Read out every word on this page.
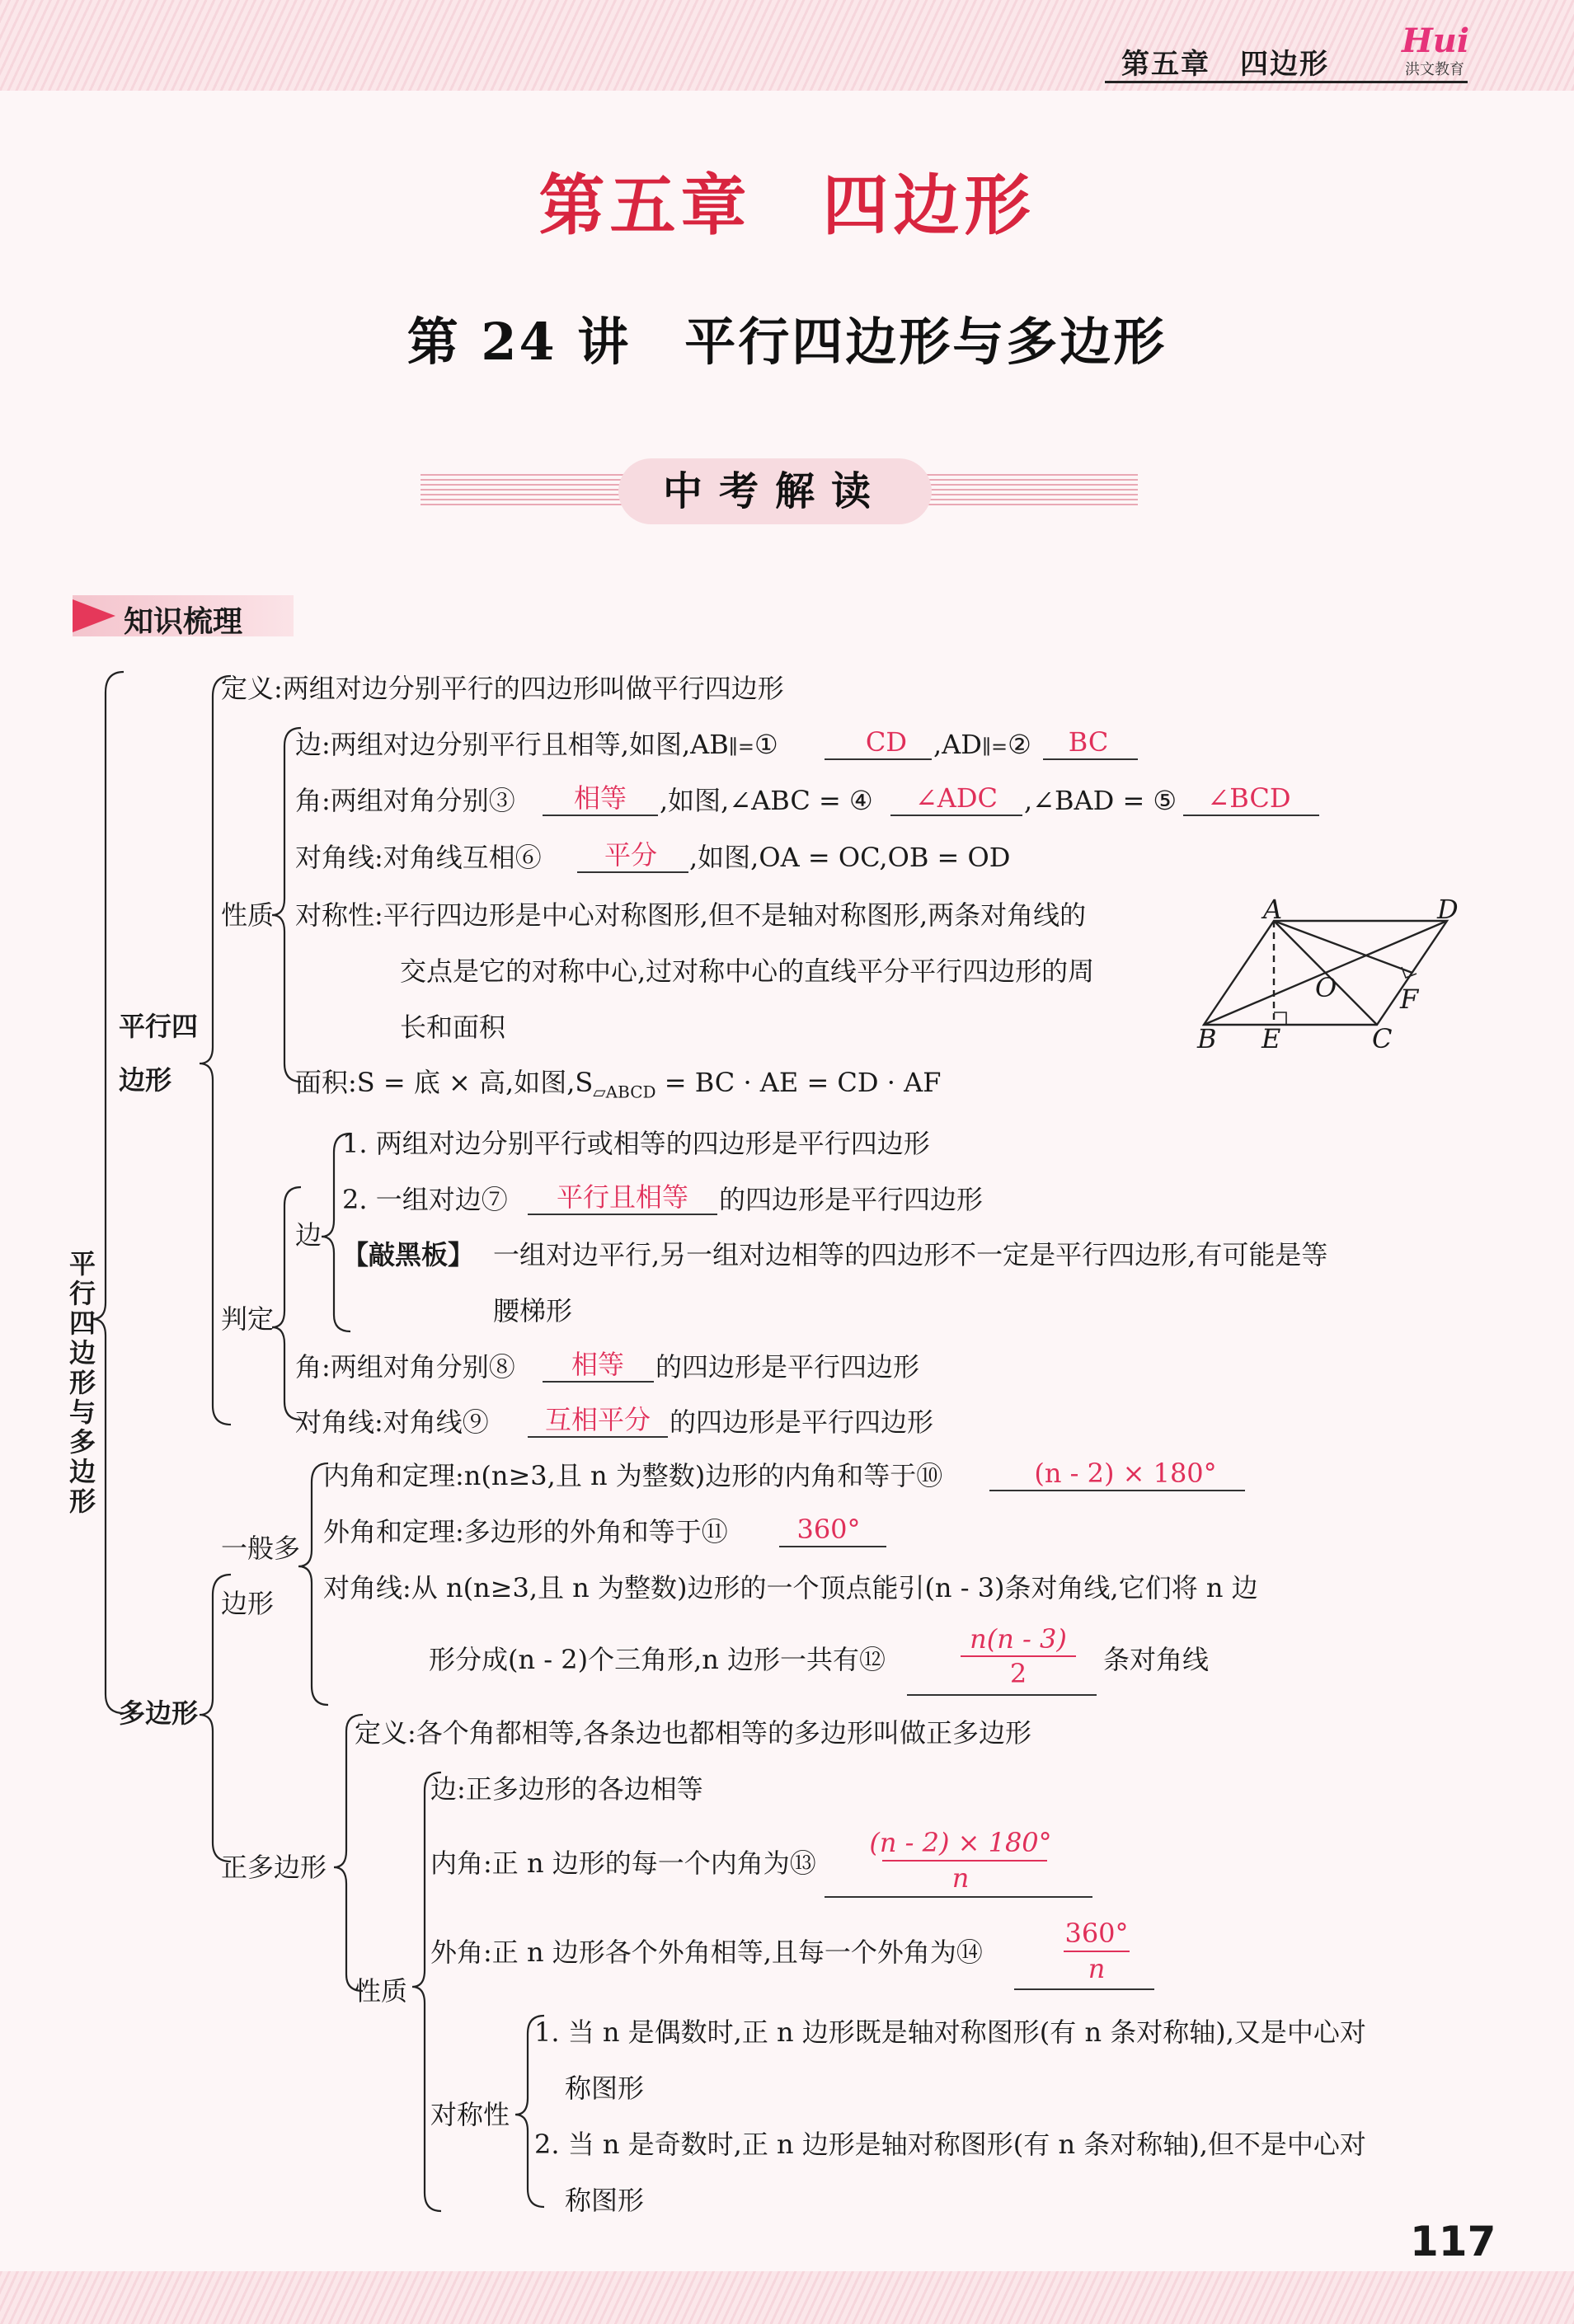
第五章　四边形
Hui
洪文教育
第五章　四边形
第 24 讲　平行四边形与多边形
中考解读
知识梳理
A	D
B E	C
O F
平行四边形与多边形
平行四
边形
多边形
定义:两组对边分别平行的四边形叫做平行四边形
性质
边:两组对边分别平行且相等,如图,AB∥=①	CD ,AD∥=②	BC
角:两组对角分别③	相等	,如图,∠ABC = ④	∠ADC ,∠BAD = ⑤	∠BCD
对角线:对角线互相⑥	平分	,如图,OA = OC,OB = OD
对称性:平行四边形是中心对称图形,但不是轴对称图形,两条对角线的
交点是它的对称中心,过对称中心的直线平分平行四边形的周
长和面积
面积:S = 底 × 高,如图$,S_{▱ABCD}$ = BC · AE = CD · AF
判定
边
1. 两组对边分别平行或相等的四边形是平行四边形
2. 一组对边⑦	平行且相等	的四边形是平行四边形
【敲黑板】 一组对边平行,另一组对边相等的四边形不一定是平行四边形,有可能是等
腰梯形
角:两组对角分别⑧	相等	的四边形是平行四边形
对角线:对角线⑨	互相平分 的四边形是平行四边形
一般多
边形
内角和定理:n(n≥3,且 n 为整数)边形的内角和等于⑩	(n - 2) × 180°
外角和定理:多边形的外角和等于⑪	360°
对角线:从 n(n≥3,且 n 为整数)边形的一个顶点能引(n - 3)条对角线,它们将 n 边
形分成(n - 2)个三角形,n 边形一共有⑫
n(n - 3)
2	条对角线
正多边形
定义:各个角都相等,各条边也都相等的多边形叫做正多边形
性质
边:正多边形的各边相等
内角:正 n 边形的每一个内角为⑬
(n - 2) × 180°
n
外角:正 n 边形各个外角相等,且每一个外角为⑭
360°
n
对称性
1. 当 n 是偶数时,正 n 边形既是轴对称图形(有 n 条对称轴),又是中心对
称图形
2. 当 n 是奇数时,正 n 边形是轴对称图形(有 n 条对称轴),但不是中心对
称图形
117
